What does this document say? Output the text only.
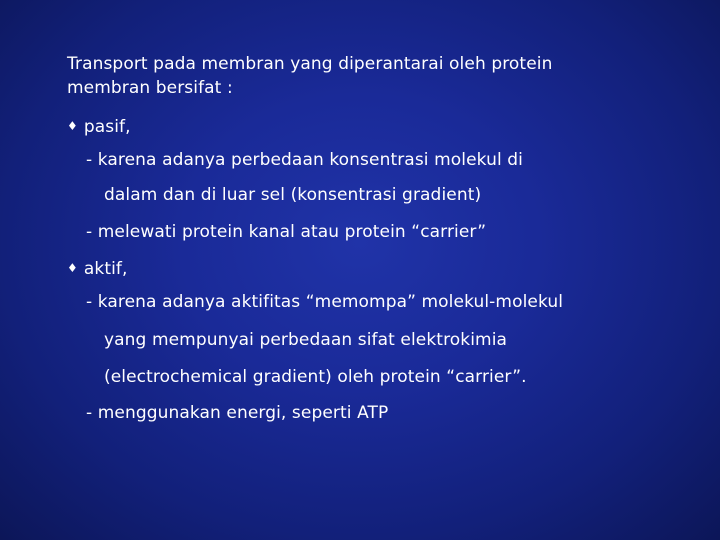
Transport pada membran yang diperantarai oleh protein
membran bersifat :
♦ pasif,
- karena adanya perbedaan konsentrasi molekul di
dalam dan di luar sel (konsentrasi gradient)
- melewati protein kanal atau protein “carrier”
♦ aktif,
- karena adanya aktifitas “memompa” molekul-molekul
yang mempunyai perbedaan sifat elektrokimia
(electrochemical gradient) oleh protein “carrier”.
- menggunakan energi, seperti ATP
